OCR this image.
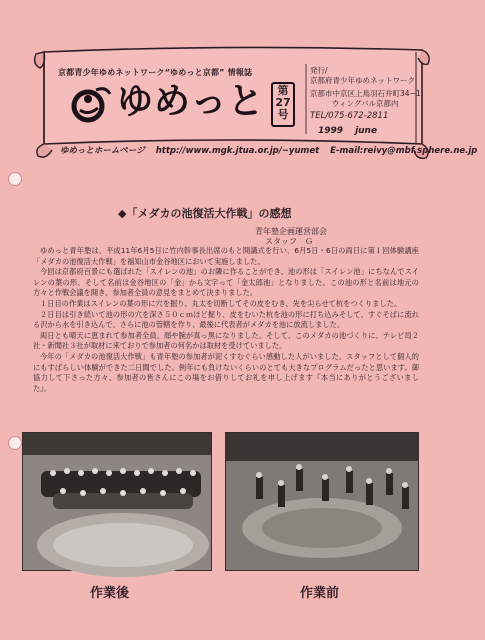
京都青少年ゆめネットワーク“ゆめっと京都” 情報誌
ゆめっと	第
27
号
発行/
京都府青少年ゆめネットワーク
京都市中京区上鳥羽石井町34−1
ウィングバル京都内
TEL/075-672-2811
1999 june
ゆめっとホームページ http://www.mgk.jtua.or.jp/~yumet E-mail:reivy@mbf.sphere.ne.jp
◆「メダカの池復活大作戦」の感想
青年塾企画運営部会
スタッフ　Ｇ

ゆめっと青年塾は、平成11年6月5日に竹内幹事長出席のもと開講式を行い、6月5日・6日の両日に第１回体験講座「メダカの池復活大作戦」を福知山市金谷地区において実施しました。

今回は京都府百景にも選ばれた「スイレンの池」のお隣に作ることができ、池の形は「スイレン池」にちなんでスイレンの葉の形、そして名前は金谷地区の「金」から文字って「金太郎池」となりました。この池の形と名前は地元の方々と作戦会議を開き、参加者全員の意見をまとめて決まりました。

１日目の作業はスイレンの葉の形に穴を掘り、丸太を切断してその皮をむき、先を尖らせて杭をつくりました。

２日目は引き続いて池の形の穴を深さ５０ｃｍほど掘り、皮をむいた杭を池の形に打ち込みそして、すぐそばに流れる沢から水を引き込んで、さらに池の管轄を作り、最後に代表者がメダカを池に放流しました。

両日とも晴天に恵まれて参加者全員、顔や腕が真っ黒になりました。そして、このメダカの池づくりに、テレビ局２社・新聞社３社が取材に来ておりで参加者の何名かは取材を受けていました。

今年の「メダカの池復活大作戦」も青年塾の参加者が泥くすむぐらい感動した人がいました。スタッフとして個人的にもすばらしい体験ができた二日間でした。例年にも負けないくらいのとても大きなプログラムだったと思います。御協力して下さった方々、参加者の皆さんにこの場をお借りしてお礼を申し上げます『本当にありがとうございました』。

作業後	作業前
